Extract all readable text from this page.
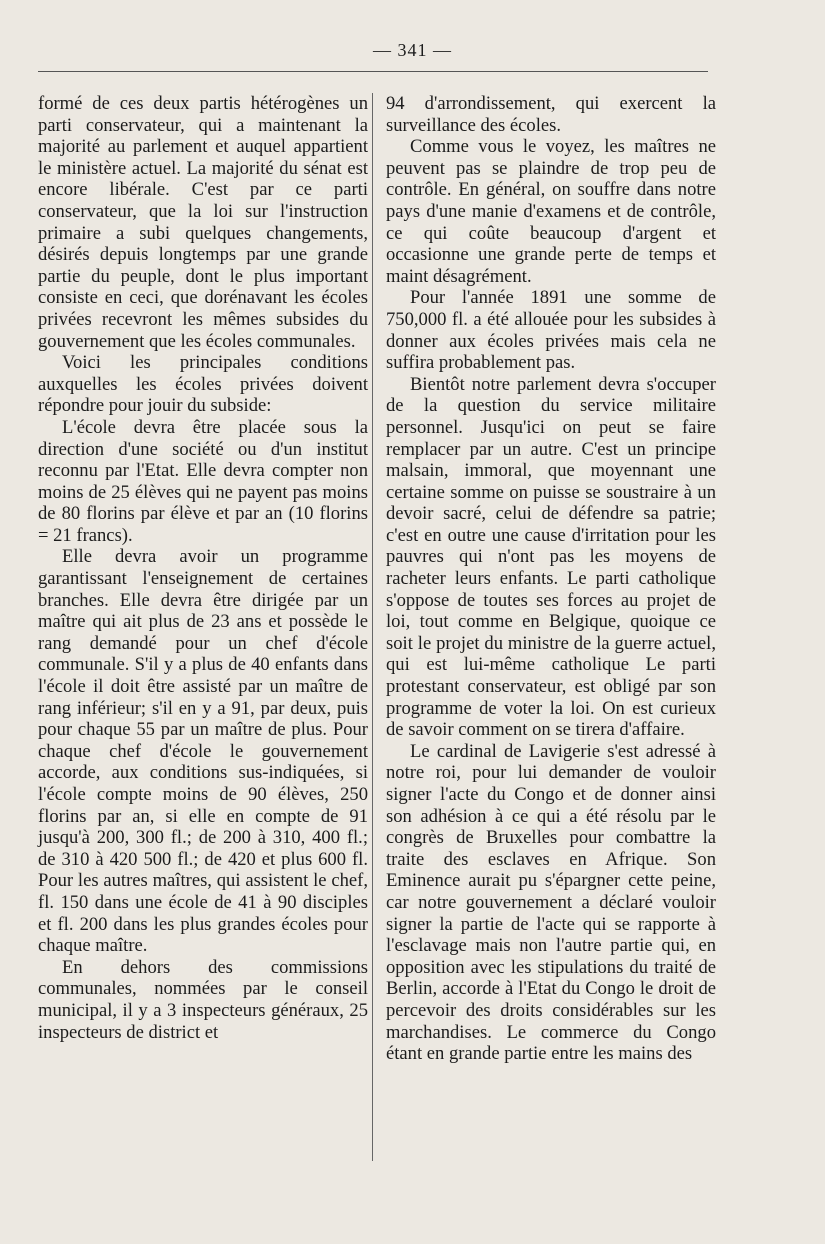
— 341 —

formé de ces deux partis hétérogènes un parti conservateur, qui a maintenant la majorité au parlement et auquel appartient le ministère actuel. La majorité du sénat est encore libérale. C'est par ce parti conservateur, que la loi sur l'instruction primaire a subi quelques changements, désirés depuis longtemps par une grande partie du peuple, dont le plus important consiste en ceci, que dorénavant les écoles privées recevront les mêmes subsides du gouvernement que les écoles communales.

Voici les principales conditions auxquelles les écoles privées doivent répondre pour jouir du subside:

L'école devra être placée sous la direction d'une société ou d'un institut reconnu par l'Etat. Elle devra compter non moins de 25 élèves qui ne payent pas moins de 80 florins par élève et par an (10 florins = 21 francs).

Elle devra avoir un programme garantissant l'enseignement de certaines branches. Elle devra être dirigée par un maître qui ait plus de 23 ans et possède le rang demandé pour un chef d'école communale. S'il y a plus de 40 enfants dans l'école il doit être assisté par un maître de rang inférieur; s'il en y a 91, par deux, puis pour chaque 55 par un maître de plus. Pour chaque chef d'école le gouvernement accorde, aux conditions sus-indiquées, si l'école compte moins de 90 élèves, 250 florins par an, si elle en compte de 91 jusqu'à 200, 300 fl.; de 200 à 310, 400 fl.; de 310 à 420 500 fl.; de 420 et plus 600 fl. Pour les autres maîtres, qui assistent le chef, fl. 150 dans une école de 41 à 90 disciples et fl. 200 dans les plus grandes écoles pour chaque maître.

En dehors des commissions communales, nommées par le conseil municipal, il y a 3 inspecteurs généraux, 25 inspecteurs de district et

94 d'arrondissement, qui exercent la surveillance des écoles.

Comme vous le voyez, les maîtres ne peuvent pas se plaindre de trop peu de contrôle. En général, on souffre dans notre pays d'une manie d'examens et de contrôle, ce qui coûte beaucoup d'argent et occasionne une grande perte de temps et maint désagrément.

Pour l'année 1891 une somme de 750,000 fl. a été allouée pour les subsides à donner aux écoles privées mais cela ne suffira probablement pas.

Bientôt notre parlement devra s'occuper de la question du service militaire personnel. Jusqu'ici on peut se faire remplacer par un autre. C'est un principe malsain, immoral, que moyennant une certaine somme on puisse se soustraire à un devoir sacré, celui de défendre sa patrie; c'est en outre une cause d'irritation pour les pauvres qui n'ont pas les moyens de racheter leurs enfants. Le parti catholique s'oppose de toutes ses forces au projet de loi, tout comme en Belgique, quoique ce soit le projet du ministre de la guerre actuel, qui est lui-même catholique Le parti protestant conservateur, est obligé par son programme de voter la loi. On est curieux de savoir comment on se tirera d'affaire.

Le cardinal de Lavigerie s'est adressé à notre roi, pour lui demander de vouloir signer l'acte du Congo et de donner ainsi son adhésion à ce qui a été résolu par le congrès de Bruxelles pour combattre la traite des esclaves en Afrique. Son Eminence aurait pu s'épargner cette peine, car notre gouvernement a déclaré vouloir signer la partie de l'acte qui se rapporte à l'esclavage mais non l'autre partie qui, en opposition avec les stipulations du traité de Berlin, accorde à l'Etat du Congo le droit de percevoir des droits considérables sur les marchandises. Le commerce du Congo étant en grande partie entre les mains des
